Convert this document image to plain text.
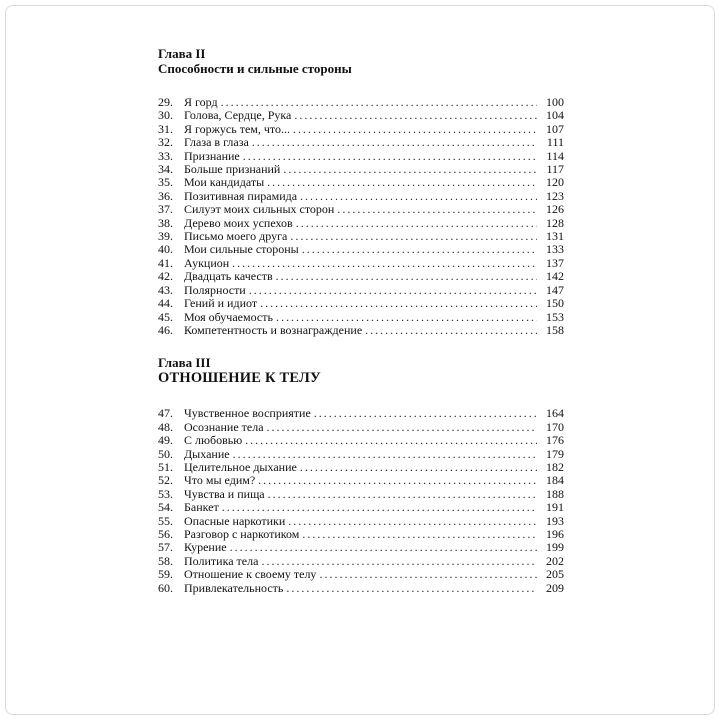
Глава II
Способности и сильные стороны
29. Я горд .....	100
30. Голова, Сердце, Рука .....	104
31. Я горжусь тем, что... .....	107
32. Глаза в глаза .....	111
33. Признание .....	114
34. Больше признаний .....	117
35. Мои кандидаты .....	120
36. Позитивная пирамида .....	123
37. Силуэт моих сильных сторон .....	126
38. Дерево моих успехов .....	128
39. Письмо моего друга .....	131
40. Мои сильные стороны .....	133
41. Аукцион .....	137
42. Двадцать качеств .....	142
43. Полярности .....	147
44. Гений и идиот .....	150
45. Моя обучаемость .....	153
46. Компетентность и вознаграждение .....	158
Глава III
ОТНОШЕНИЕ К ТЕЛУ
47. Чувственное восприятие .....	164
48. Осознание тела .....	170
49. С любовью .....	176
50. Дыхание .....	179
51. Целительное дыхание .....	182
52. Что мы едим? .....	184
53. Чувства и пища .....	188
54. Банкет .....	191
55. Опасные наркотики .....	193
56. Разговор с наркотиком .....	196
57. Курение .....	199
58. Политика тела .....	202
59. Отношение к своему телу .....	205
60. Привлекательность .....	209
